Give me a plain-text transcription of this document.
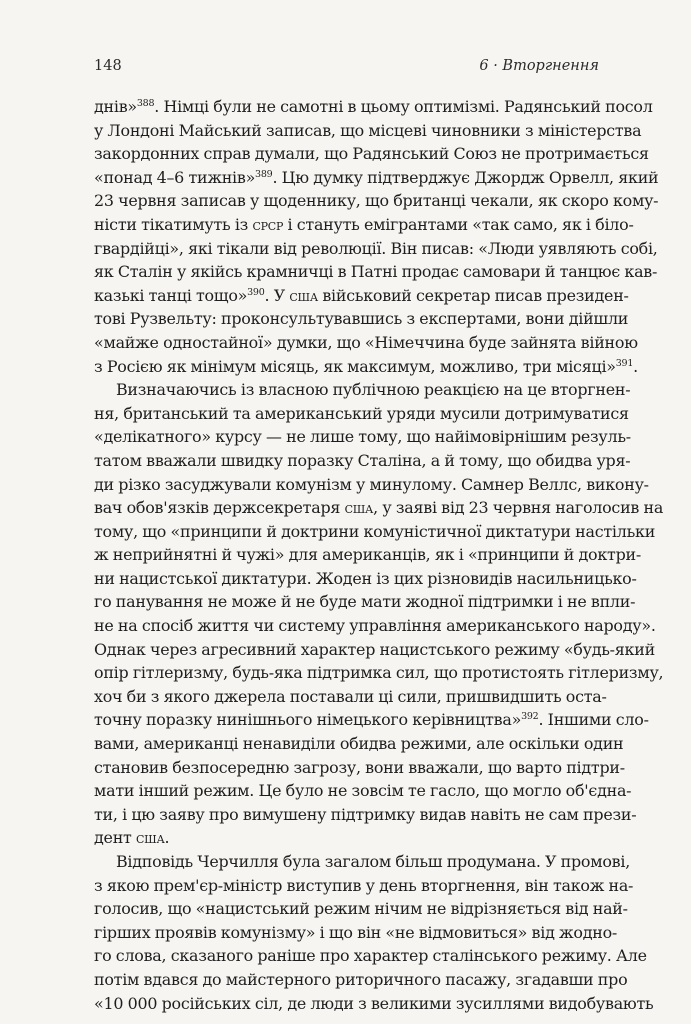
148	6 · Вторгнення
днів»$^{388}$. Німці були не самотні в цьому оптимізмі. Радянський посол
у Лондоні Майський записав, що місцеві чиновники з міністерства
закордонних справ думали, що Радянський Союз не протримається
«понад 4–6 тижнів»$^{389}$. Цю думку підтверджує Джордж Орвелл, який
23 червня записав у щоденнику, що британці чекали, як скоро кому-
ністи тікатимуть із срср і стануть емігрантами «так само, як і біло-
гвардійці», які тікали від революції. Він писав: «Люди уявляють собі,
як Сталін у якійсь крамничці в Патні продає самовари й танцює кав-
казькі танці тощо»$^{390}$. У сша військовий секретар писав президен-
тові Рузвельту: проконсультувавшись з експертами, вони дійшли
«майже одностайної» думки, що «Німеччина буде зайнята війною
з Росією як мінімум місяць, як максимум, можливо, три місяці»$^{391}$.
Визначаючись із власною публічною реакцією на це вторгнен-
ня, британський та американський уряди мусили дотримуватися
«делікатного» курсу — не лише тому, що найімовірнішим резуль-
татом вважали швидку поразку Сталіна, а й тому, що обидва уря-
ди різко засуджували комунізм у минулому. Самнер Веллс, викону-
вач обов'язків держсекретаря сша, у заяві від 23 червня наголосив на
тому, що «принципи й доктрини комуністичної диктатури настільки
ж неприйнятні й чужі» для американців, як і «принципи й доктри-
ни нацистської диктатури. Жоден із цих різновидів насильницько-
го панування не може й не буде мати жодної підтримки і не впли-
не на спосіб життя чи систему управління американського народу».
Однак через агресивний характер нацистського режиму «будь-який
опір гітлеризму, будь-яка підтримка сил, що протистоять гітлеризму,
хоч би з якого джерела поставали ці сили, пришвидшить оста-
точну поразку нинішнього німецького керівництва»$^{392}$. Іншими сло-
вами, американці ненавиділи обидва режими, але оскільки один
становив безпосередню загрозу, вони вважали, що варто підтри-
мати інший режим. Це було не зовсім те гасло, що могло об'єдна-
ти, і цю заяву про вимушену підтримку видав навіть не сам прези-
дент сша.
Відповідь Черчилля була загалом більш продумана. У промові,
з якою прем'єр-міністр виступив у день вторгнення, він також на-
голосив, що «нацистський режим нічим не відрізняється від най-
гірших проявів комунізму» і що він «не відмовиться» від жодно-
го слова, сказаного раніше про характер сталінського режиму. Але
потім вдався до майстерного риторичного пасажу, згадавши про
«10 000 російських сіл, де люди з великими зусиллями видобувають
